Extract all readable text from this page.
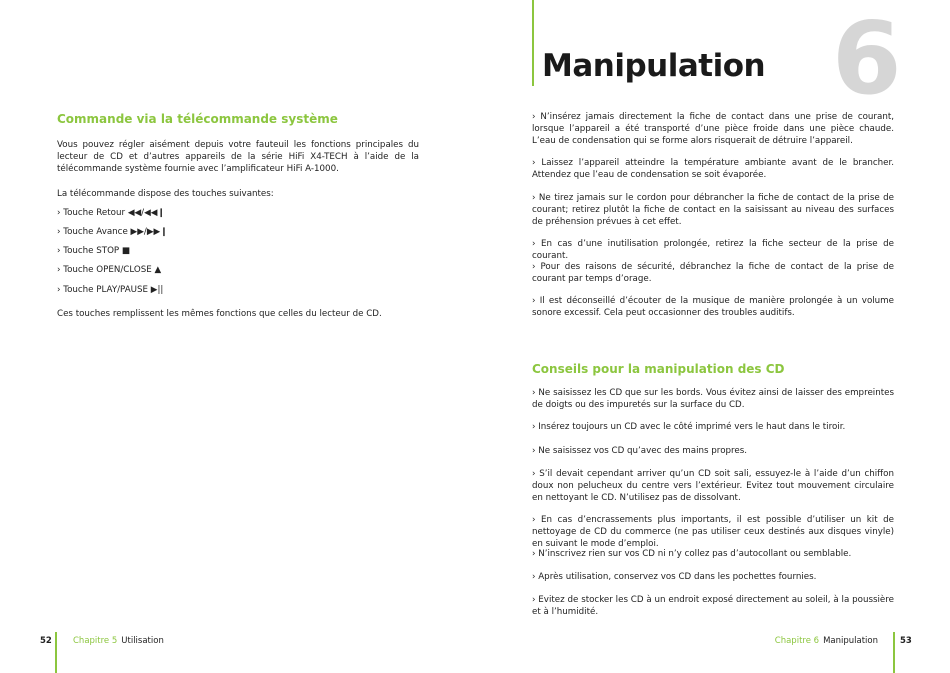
Commande via la télécommande système

Vous pouvez régler aisément depuis votre fauteuil les fonctions principales du lecteur de CD et d’autres appareils de la série HiFi X4-TECH à l’aide de la télécommande système fournie avec l’amplificateur HiFi A-1000.

La télécommande dispose des touches suivantes:

› Touche Retour ◀◀/◀◀❙

› Touche Avance ▶▶/▶▶❙

› Touche STOP ■

› Touche OPEN/CLOSE ▲

› Touche PLAY/PAUSE ▶||

Ces touches remplissent les mêmes fonctions que celles du lecteur de CD.

52 Chapitre 5 Utilisation
Manipulation 6

› N’insérez jamais directement la fiche de contact dans une prise de courant, lorsque l’appareil a été transporté d’une pièce froide dans une pièce chaude. L’eau de condensation qui se forme alors risquerait de détruire l’appareil.

› Laissez l’appareil atteindre la température ambiante avant de le brancher. Attendez que l’eau de condensation se soit évaporée.

› Ne tirez jamais sur le cordon pour débrancher la fiche de contact de la prise de courant; retirez plutôt la fiche de contact en la saisissant au niveau des surfaces de préhension prévues à cet effet.

› En cas d’une inutilisation prolongée, retirez la fiche secteur de la prise de courant.

› Pour des raisons de sécurité, débranchez la fiche de contact de la prise de courant par temps d’orage.

› Il est déconseillé d’écouter de la musique de manière prolongée à un volume sonore excessif. Cela peut occasionner des troubles auditifs.

Conseils pour la manipulation des CD

› Ne saisissez les CD que sur les bords. Vous évitez ainsi de laisser des empreintes de doigts ou des impuretés sur la surface du CD.

› Insérez toujours un CD avec le côté imprimé vers le haut dans le tiroir.

› Ne saisissez vos CD qu’avec des mains propres.

› S’il devait cependant arriver qu’un CD soit sali, essuyez-le à l’aide d’un chiffon doux non pelucheux du centre vers l’extérieur. Evitez tout mouvement circulaire en nettoyant le CD. N’utilisez pas de dissolvant.

› En cas d’encrassements plus importants, il est possible d’utiliser un kit de nettoyage de CD du commerce (ne pas utiliser ceux destinés aux disques vinyle) en suivant le mode d’emploi.

› N’inscrivez rien sur vos CD ni n’y collez pas d’autocollant ou semblable.

› Après utilisation, conservez vos CD dans les pochettes fournies.

› Evitez de stocker les CD à un endroit exposé directement au soleil, à la poussière et à l’humidité.

Chapitre 6 Manipulation	53
